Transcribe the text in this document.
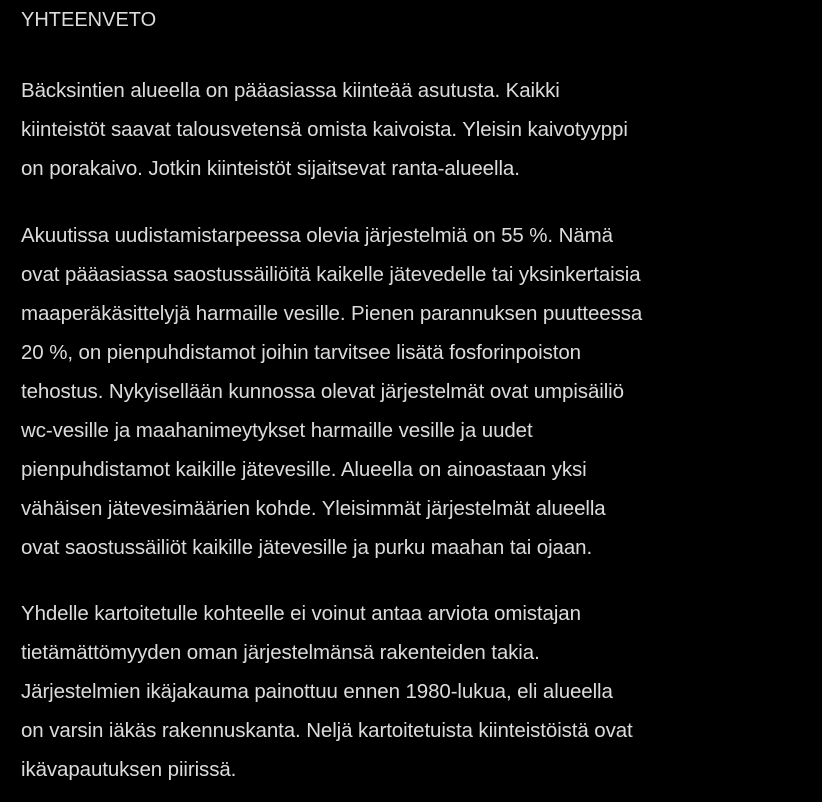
YHTEENVETO

Bäcksintien alueella on pääasiassa kiinteää asutusta. Kaikki
kiinteistöt saavat talousvetensä omista kaivoista. Yleisin kaivotyyppi
on porakaivo. Jotkin kiinteistöt sijaitsevat ranta-alueella.

Akuutissa uudistamistarpeessa olevia järjestelmiä on 55 %. Nämä
ovat pääasiassa saostussäiliöitä kaikelle jätevedelle tai yksinkertaisia
maaperäkäsittelyjä harmaille vesille. Pienen parannuksen puutteessa
20 %, on pienpuhdistamot joihin tarvitsee lisätä fosforinpoiston
tehostus. Nykyisellään kunnossa olevat järjestelmät ovat umpisäiliö
wc-vesille ja maahanimeytykset harmaille vesille ja uudet
pienpuhdistamot kaikille jätevesille. Alueella on ainoastaan yksi
vähäisen jätevesimäärien kohde. Yleisimmät järjestelmät alueella
ovat saostussäiliöt kaikille jätevesille ja purku maahan tai ojaan.

Yhdelle kartoitetulle kohteelle ei voinut antaa arviota omistajan
tietämättömyyden oman järjestelmänsä rakenteiden takia.
Järjestelmien ikäjakauma painottuu ennen 1980-lukua, eli alueella
on varsin iäkäs rakennuskanta. Neljä kartoitetuista kiinteistöistä ovat
ikävapautuksen piirissä.
